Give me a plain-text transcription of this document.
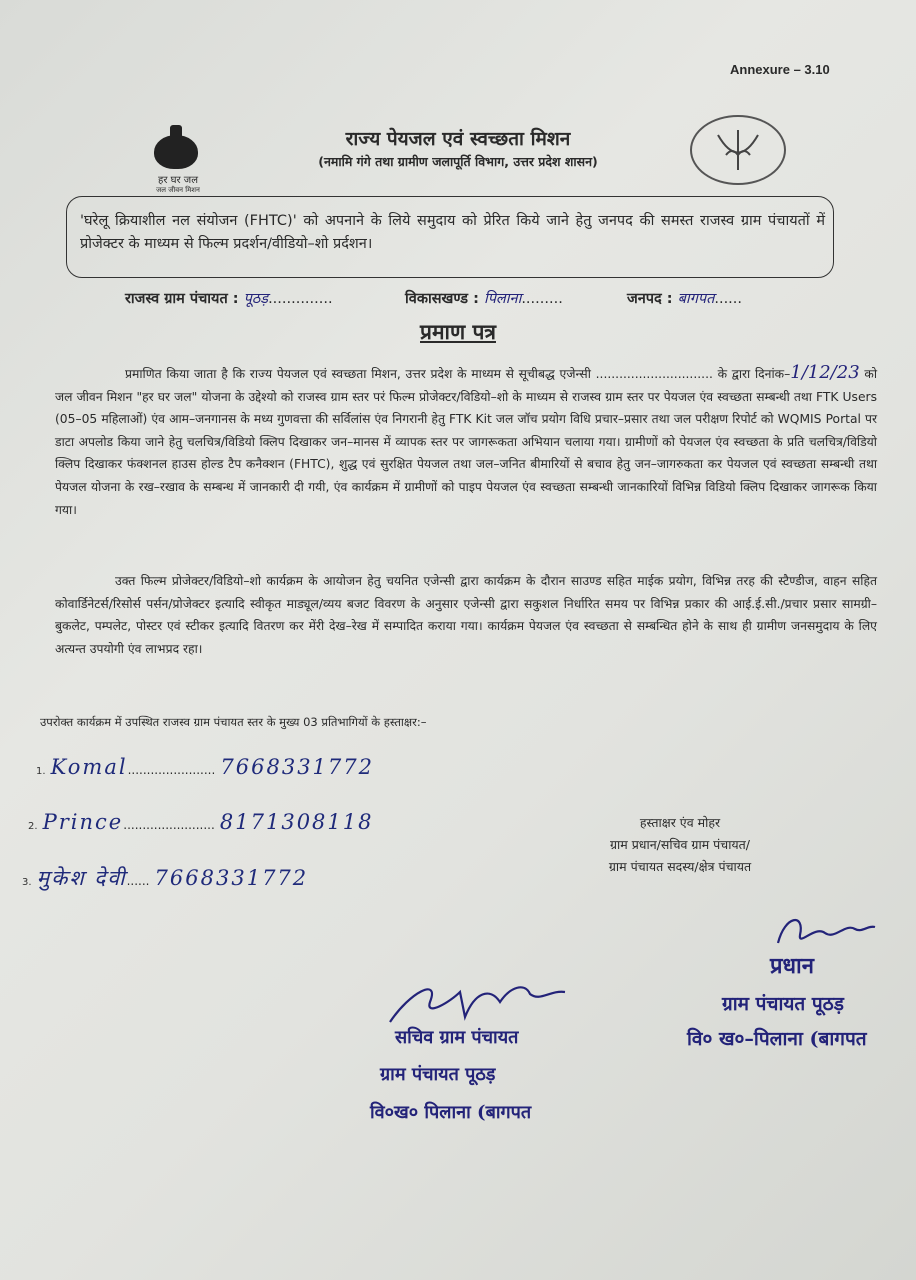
Annexure – 3.10
हर घर जल
जल जीवन मिशन
राज्य पेयजल एवं स्वच्छता मिशन
(नमामि गंगे तथा ग्रामीण जलापूर्ति विभाग, उत्तर प्रदेश शासन)
'घरेलू क्रियाशील नल संयोजन (FHTC)' को अपनाने के लिये समुदाय को प्रेरित किये जाने हेतु जनपद की समस्त राजस्व ग्राम पंचायतों में प्रोजेक्टर के माध्यम से फिल्म प्रदर्शन/वीडियो–शो प्रर्दशन।
राजस्व ग्राम पंचायत : पूठड़..............	विकासखण्ड : पिलाना.........	जनपद : बागपत......
प्रमाण पत्र
प्रमाणित किया जाता है कि राज्य पेयजल एवं स्वच्छता मिशन, उत्तर प्रदेश के माध्यम से सूचीबद्ध एजेन्सी .............................. के द्वारा दिनांक–1/12/23 को जल जीवन मिशन "हर घर जल" योजना के उद्देश्यो को राजस्व ग्राम स्तर परं फिल्म प्रोजेक्टर/विडियो–शो के माध्यम से राजस्व ग्राम स्तर पर पेयजल एंव स्वच्छता सम्बन्धी तथा FTK Users (05–05 महिलाओं) एंव आम–जनगानस के मध्य गुणवत्ता की सर्विलांस एंव निगरानी हेतु FTK Kit जल जॉच प्रयोग विधि प्रचार–प्रसार तथा जल परीक्षण रिपोर्ट को WQMIS Portal पर डाटा अपलोड किया जाने हेतु चलचित्र/विडियो क्लिप दिखाकर जन–मानस में व्यापक स्तर पर जागरूकता अभियान चलाया गया। ग्रामीणों को पेयजल एंव स्वच्छता के प्रति चलचित्र/विडियो क्लिप दिखाकर फंक्शनल हाउस होल्ड टैप कनैक्शन (FHTC), शुद्ध एवं सुरक्षित पेयजल तथा जल–जनित बीमारियों से बचाव हेतु जन–जागरुकता कर पेयजल एवं स्वच्छता सम्बन्धी तथा पेयजल योजना के रख–रखाव के सम्बन्ध में जानकारी दी गयी, एंव कार्यक्रम में ग्रामीणों को पाइप पेयजल एंव स्वच्छता सम्बन्धी जानकारियों विभिन्न विडियो क्लिप दिखाकर जागरूक किया गया।
उक्त फिल्म प्रोजेक्टर/विडियो–शो कार्यक्रम के आयोजन हेतु चयनित एजेन्सी द्वारा कार्यक्रम के दौरान साउण्ड सहित माईक प्रयोग, विभिन्न तरह की स्टैण्डीज, वाहन सहित कोवार्डिनेटर्स/रिसोर्स पर्सन/प्रोजेक्टर इत्यादि स्वीकृत माड्यूल/व्यय बजट विवरण के अनुसार एजेन्सी द्वारा सकुशल निर्धारित समय पर विभिन्न प्रकार की आई.ई.सी./प्रचार प्रसार सामग्री–बुकलेट, पम्पलेट, पोस्टर एवं स्टीकर इत्यादि वितरण कर मेंरी देख–रेख में सम्पादित कराया गया। कार्यक्रम पेयजल एंव स्वच्छता से सम्बन्धित होने के साथ ही ग्रामीण जनसमुदाय के लिए अत्यन्त उपयोगी एंव लाभप्रद रहा।
उपरोक्त कार्यक्रम में उपस्थित राजस्व ग्राम पंचायत स्तर के मुख्य 03 प्रतिभागियों के हस्ताक्षर:–
1. Komal....................... 7668331772
2. Prince........................ 8171308118
3. मुकेश देवी...... 7668331772
हस्ताक्षर एंव मोहर
ग्राम प्रधान/सचिव ग्राम पंचायत/
ग्राम पंचायत सदस्य/क्षेत्र पंचायत
प्रधान
ग्राम पंचायत पूठड़
वि० ख०–पिलाना (बागपत
सचिव ग्राम पंचायत
ग्राम पंचायत पूठड़
वि०ख० पिलाना (बागपत
